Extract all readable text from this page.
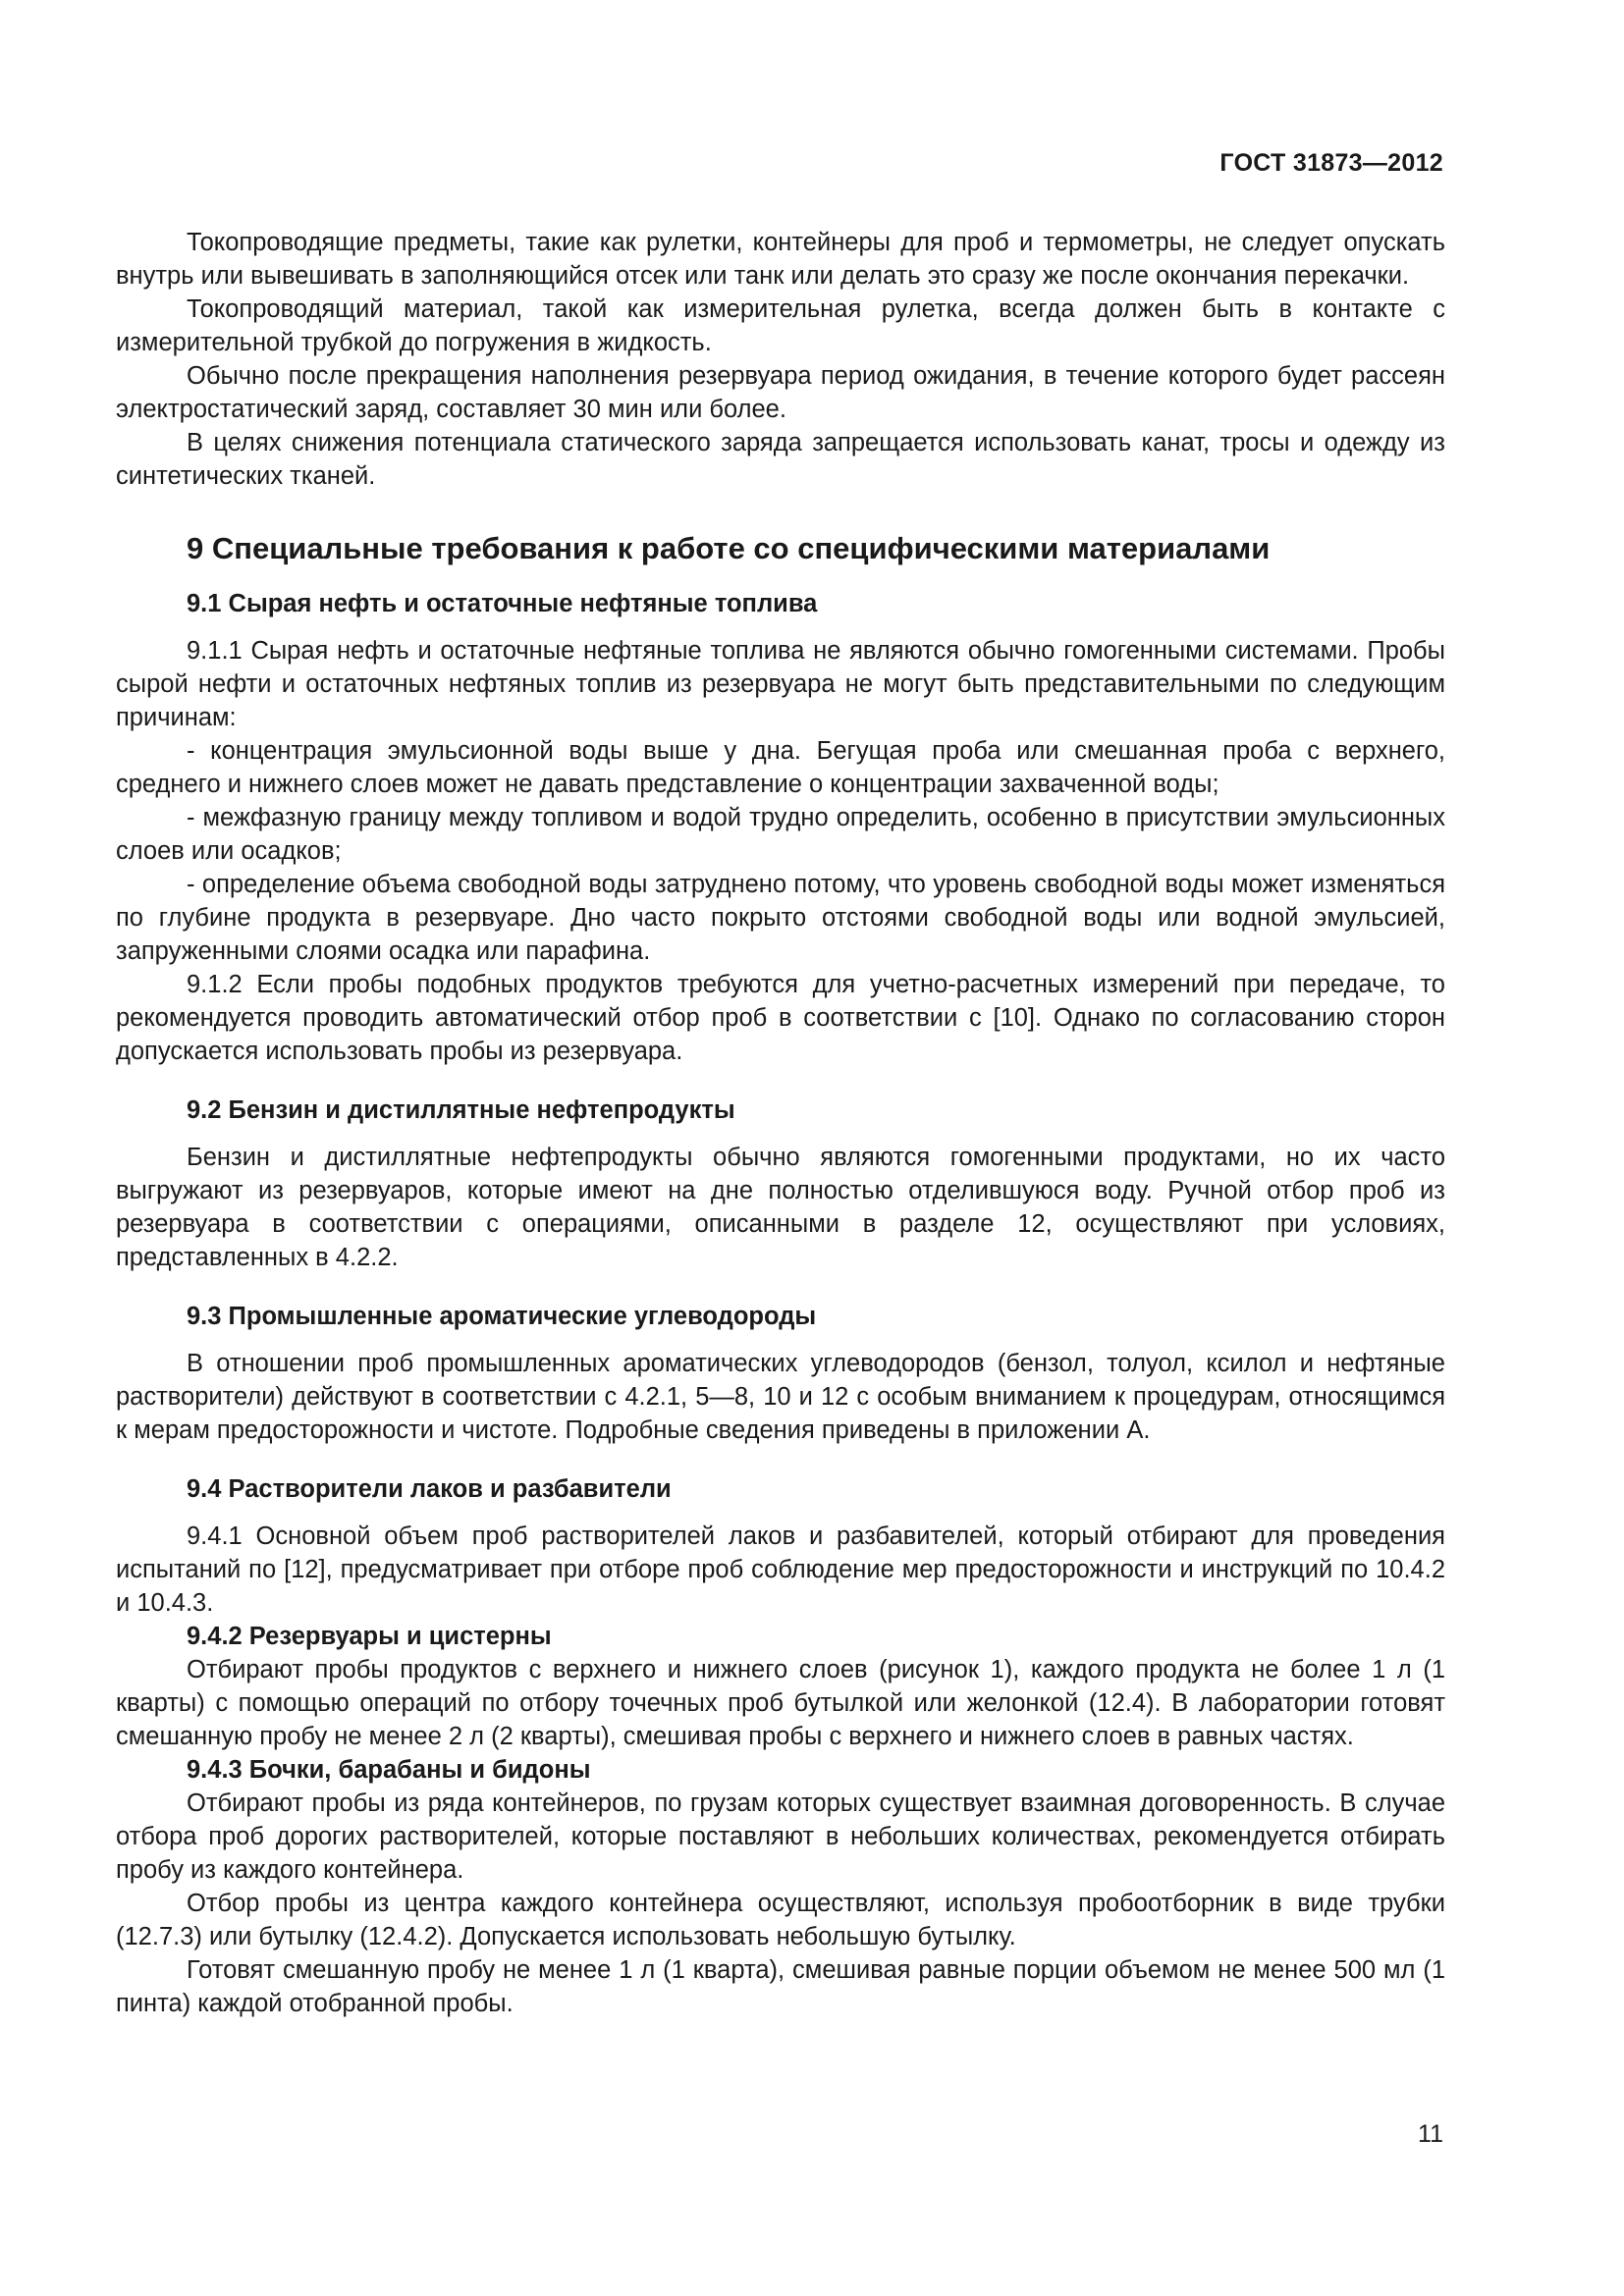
ГОСТ 31873—2012

Токопроводящие предметы, такие как рулетки, контейнеры для проб и термометры, не следует опускать внутрь или вывешивать в заполняющийся отсек или танк или делать это сразу же после окончания перекачки.

Токопроводящий материал, такой как измерительная рулетка, всегда должен быть в контакте с измерительной трубкой до погружения в жидкость.

Обычно после прекращения наполнения резервуара период ожидания, в течение которого будет рассеян электростатический заряд, составляет 30 мин или более.

В целях снижения потенциала статического заряда запрещается использовать канат, тросы и одежду из синтетических тканей.

9 Специальные требования к работе со специфическими материалами
9.1 Сырая нефть и остаточные нефтяные топлива

9.1.1 Сырая нефть и остаточные нефтяные топлива не являются обычно гомогенными системами. Пробы сырой нефти и остаточных нефтяных топлив из резервуара не могут быть представительными по следующим причинам:

- концентрация эмульсионной воды выше у дна. Бегущая проба или смешанная проба с верхнего, среднего и нижнего слоев может не давать представление о концентрации захваченной воды;

- межфазную границу между топливом и водой трудно определить, особенно в присутствии эмульсионных слоев или осадков;

- определение объема свободной воды затруднено потому, что уровень свободной воды может изменяться по глубине продукта в резервуаре. Дно часто покрыто отстоями свободной воды или водной эмульсией, запруженными слоями осадка или парафина.

9.1.2 Если пробы подобных продуктов требуются для учетно-расчетных измерений при передаче, то рекомендуется проводить автоматический отбор проб в соответствии с [10]. Однако по согласованию сторон допускается использовать пробы из резервуара.

9.2 Бензин и дистиллятные нефтепродукты

Бензин и дистиллятные нефтепродукты обычно являются гомогенными продуктами, но их часто выгружают из резервуаров, которые имеют на дне полностью отделившуюся воду. Ручной отбор проб из резервуара в соответствии с операциями, описанными в разделе 12, осуществляют при условиях, представленных в 4.2.2.

9.3 Промышленные ароматические углеводороды

В отношении проб промышленных ароматических углеводородов (бензол, толуол, ксилол и нефтяные растворители) действуют в соответствии с 4.2.1, 5—8, 10 и 12 с особым вниманием к процедурам, относящимся к мерам предосторожности и чистоте. Подробные сведения приведены в приложении А.

9.4 Растворители лаков и разбавители

9.4.1 Основной объем проб растворителей лаков и разбавителей, который отбирают для проведения испытаний по [12], предусматривает при отборе проб соблюдение мер предосторожности и инструкций по 10.4.2 и 10.4.3.

9.4.2 Резервуары и цистерны

Отбирают пробы продуктов с верхнего и нижнего слоев (рисунок 1), каждого продукта не более 1 л (1 кварты) с помощью операций по отбору точечных проб бутылкой или желонкой (12.4). В лаборатории готовят смешанную пробу не менее 2 л (2 кварты), смешивая пробы с верхнего и нижнего слоев в равных частях.

9.4.3 Бочки, барабаны и бидоны

Отбирают пробы из ряда контейнеров, по грузам которых существует взаимная договоренность. В случае отбора проб дорогих растворителей, которые поставляют в небольших количествах, рекомендуется отбирать пробу из каждого контейнера.

Отбор пробы из центра каждого контейнера осуществляют, используя пробоотборник в виде трубки (12.7.3) или бутылку (12.4.2). Допускается использовать небольшую бутылку.

Готовят смешанную пробу не менее 1 л (1 кварта), смешивая равные порции объемом не менее 500 мл (1 пинта) каждой отобранной пробы.

11
